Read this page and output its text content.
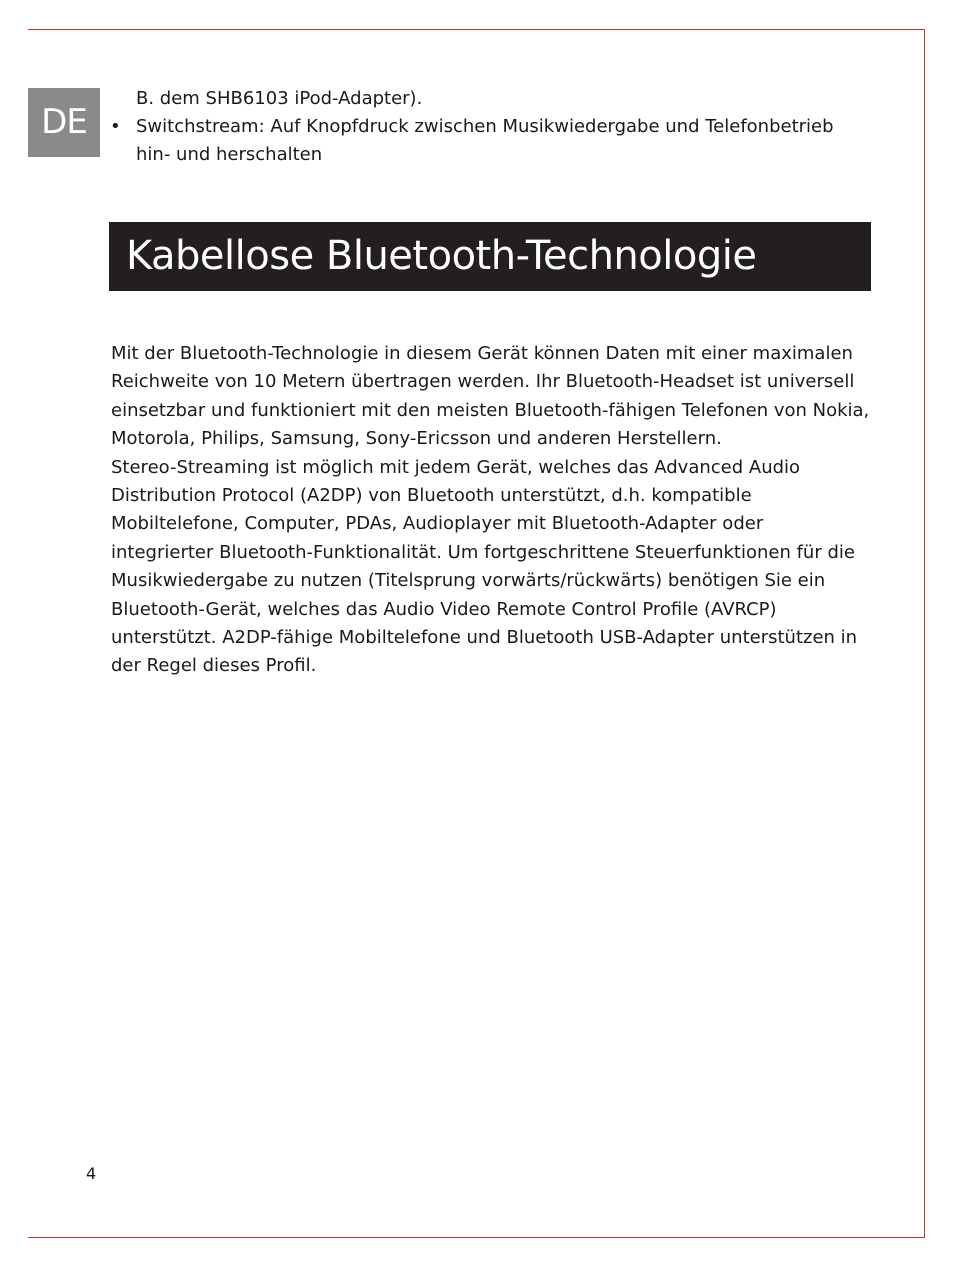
DE
B. dem SHB6103 iPod-Adapter).
• Switchstream: Auf Knopfdruck zwischen Musikwiedergabe und Telefonbetrieb
hin- und herschalten
Kabellose Bluetooth-Technologie
Mit der Bluetooth-Technologie in diesem Gerät können Daten mit einer maximalen
Reichweite von 10 Metern übertragen werden. Ihr Bluetooth-Headset ist universell
einsetzbar und funktioniert mit den meisten Bluetooth-fähigen Telefonen von Nokia,
Motorola, Philips, Samsung, Sony-Ericsson und anderen Herstellern.
Stereo-Streaming ist möglich mit jedem Gerät, welches das Advanced Audio
Distribution Protocol (A2DP) von Bluetooth unterstützt, d.h. kompatible
Mobiltelefone, Computer, PDAs, Audioplayer mit Bluetooth-Adapter oder
integrierter Bluetooth-Funktionalität. Um fortgeschrittene Steuerfunktionen für die
Musikwiedergabe zu nutzen (Titelsprung vorwärts/rückwärts) benötigen Sie ein
Bluetooth-Gerät, welches das Audio Video Remote Control Profile (AVRCP)
unterstützt. A2DP-fähige Mobiltelefone und Bluetooth USB-Adapter unterstützen in
der Regel dieses Profil.
4
